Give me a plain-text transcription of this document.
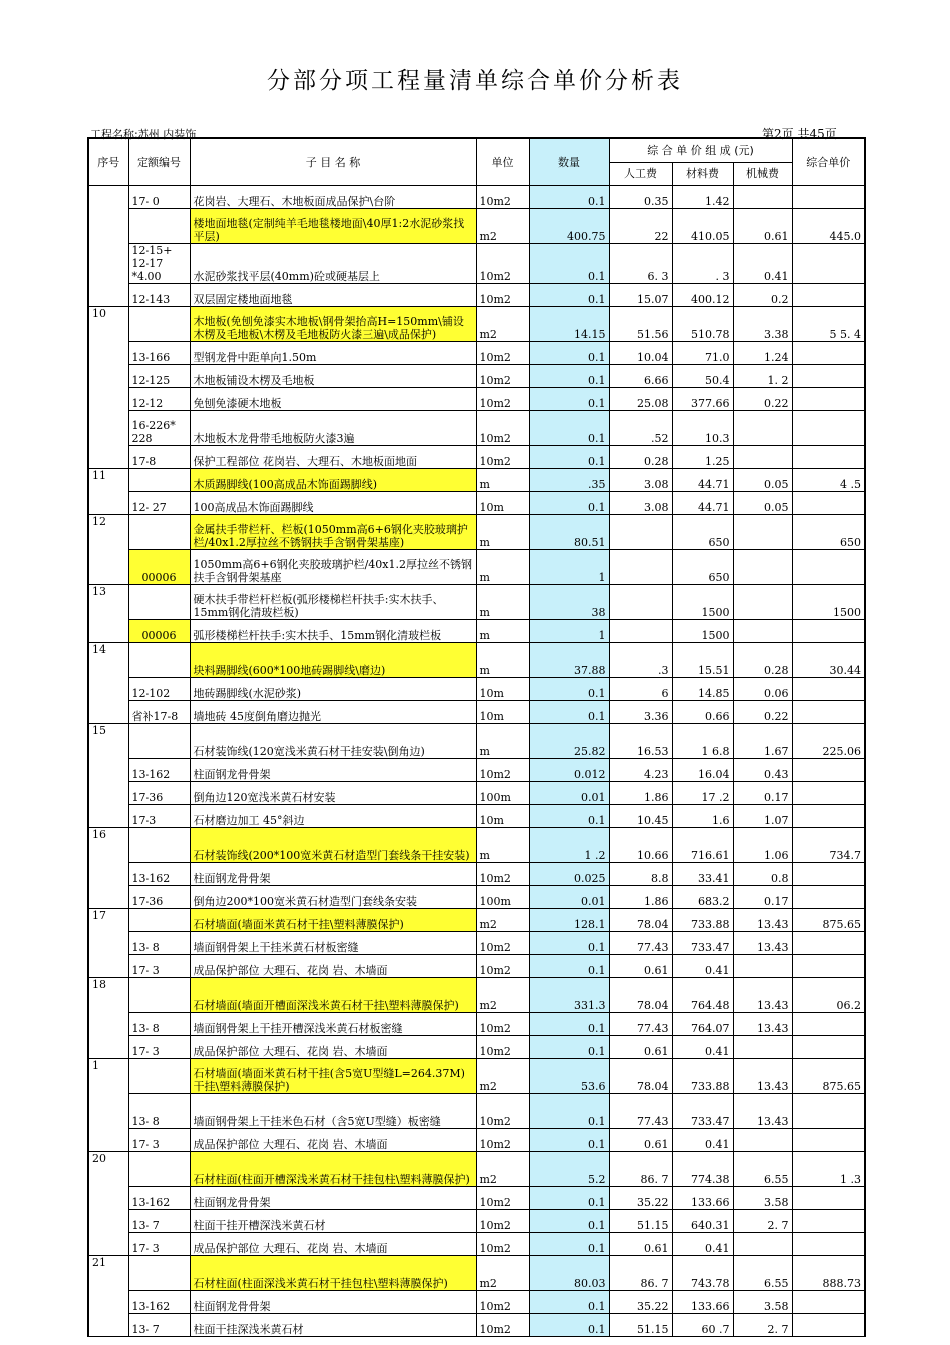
分部分项工程量清单综合单价分析表
工程名称:苏州 内装饰	第2页 共45页
序号	定额编号	子 目 名 称	单位	数量	综 合 单 价 组 成 (元)			综合单价
					人工费	材料费	机械费	
	17- 0	花岗岩、大理石、木地板面成品保护\台阶	10m2	0.1	0.35	1.42		
		楼地面地毯(定制纯羊毛地毯楼地面\40厚1:2水泥砂浆找平层)	m2	400.75	22	410.05	0.61	445.0
	12-15+ 12-17 *4.00	水泥砂浆找平层(40mm)砼或硬基层上	10m2	0.1	6. 3	. 3	0.41	
	12-143	双层固定楼地面地毯	10m2	0.1	15.07	400.12	0.2	
10		木地板(免刨免漆实木地板\钢骨架抬高H=150mm\铺设木楞及毛地板\木楞及毛地板防火漆三遍\成品保护)	m2	14.15	51.56	510.78	3.38	5 5. 4
	13-166	型钢龙骨中距单向1.50m	10m2	0.1	10.04	71.0	1.24	
	12-125	木地板铺设木楞及毛地板	10m2	0.1	6.66	50.4	1. 2	
	12-12	免刨免漆硬木地板	10m2	0.1	25.08	377.66	0.22	
	16-226* 228	木地板木龙骨带毛地板防火漆3遍	10m2	0.1	.52	10.3		
	17-8	保护工程部位 花岗岩、大理石、木地板面地面	10m2	0.1	0.28	1.25		
11		木质踢脚线(100高成品木饰面踢脚线)	m	.35	3.08	44.71	0.05	4 .5
	12- 27	100高成品木饰面踢脚线	10m	0.1	3.08	44.71	0.05	
12		金属扶手带栏杆、栏板(1050mm高6+6钢化夹胶玻璃护栏/40x1.2厚拉丝不锈钢扶手含钢骨架基座)	m	80.51		650		650
	00006	1050mm高6+6钢化夹胶玻璃护栏/40x1.2厚拉丝不锈钢扶手含钢骨架基座	m	1		650		
13		硬木扶手带栏杆栏板(弧形楼梯栏杆扶手:实木扶手、15mm钢化清玻栏板)	m	38		1500		1500
	00006	弧形楼梯栏杆扶手:实木扶手、15mm钢化清玻栏板	m	1		1500		
14		块料踢脚线(600*100地砖踢脚线\磨边)	m	37.88	.3	15.51	0.28	30.44
	12-102	地砖踢脚线(水泥砂浆)	10m	0.1	6	14.85	0.06	
	省补17-8	墙地砖 45度倒角磨边抛光	10m	0.1	3.36	0.66	0.22	
15		石材装饰线(120宽浅米黄石材干挂安装\倒角边)	m	25.82	16.53	1 6.8	1.67	225.06
	13-162	柱面钢龙骨骨架	10m2	0.012	4.23	16.04	0.43	
	17-36	倒角边120宽浅米黄石材安装	100m	0.01	1.86	17 .2	0.17	
	17-3	石材磨边加工 45°斜边	10m	0.1	10.45	1.6	1.07	
16		石材装饰线(200*100宽米黄石材造型门套线条干挂安装)	m	1 .2	10.66	716.61	1.06	734.7
	13-162	柱面钢龙骨骨架	10m2	0.025	8.8	33.41	0.8	
	17-36	倒角边200*100宽米黄石材造型门套线条安装	100m	0.01	1.86	683.2	0.17	
17		石材墙面(墙面米黄石材干挂\塑料薄膜保护)	m2	128.1	78.04	733.88	13.43	875.65
	13- 8	墙面钢骨架上干挂米黄石材板密缝	10m2	0.1	77.43	733.47	13.43	
	17- 3	成品保护部位 大理石、花岗 岩、木墙面	10m2	0.1	0.61	0.41		
18		石材墙面(墙面开槽面深浅米黄石材干挂\塑料薄膜保护)	m2	331.3	78.04	764.48	13.43	06.2
	13- 8	墙面钢骨架上干挂开槽深浅米黄石材板密缝	10m2	0.1	77.43	764.07	13.43	
	17- 3	成品保护部位 大理石、花岗 岩、木墙面	10m2	0.1	0.61	0.41		
1		石材墙面(墙面米黄石材干挂(含5宽U型缝L=264.37M)干挂\塑料薄膜保护)	m2	53.6	78.04	733.88	13.43	875.65
	13- 8	墙面钢骨架上干挂米色石材（含5宽U型缝）板密缝	10m2	0.1	77.43	733.47	13.43	
	17- 3	成品保护部位 大理石、花岗 岩、木墙面	10m2	0.1	0.61	0.41		
20		石材柱面(柱面开槽深浅米黄石材干挂包柱\塑料薄膜保护)	m2	5.2	86. 7	774.38	6.55	1 .3
	13-162	柱面钢龙骨骨架	10m2	0.1	35.22	133.66	3.58	
	13- 7	柱面干挂开槽深浅米黄石材	10m2	0.1	51.15	640.31	2. 7	
	17- 3	成品保护部位 大理石、花岗 岩、木墙面	10m2	0.1	0.61	0.41		
21		石材柱面(柱面深浅米黄石材干挂包柱\塑料薄膜保护)	m2	80.03	86. 7	743.78	6.55	888.73
	13-162	柱面钢龙骨骨架	10m2	0.1	35.22	133.66	3.58	
	13- 7	柱面干挂深浅米黄石材	10m2	0.1	51.15	60 .7	2. 7	
